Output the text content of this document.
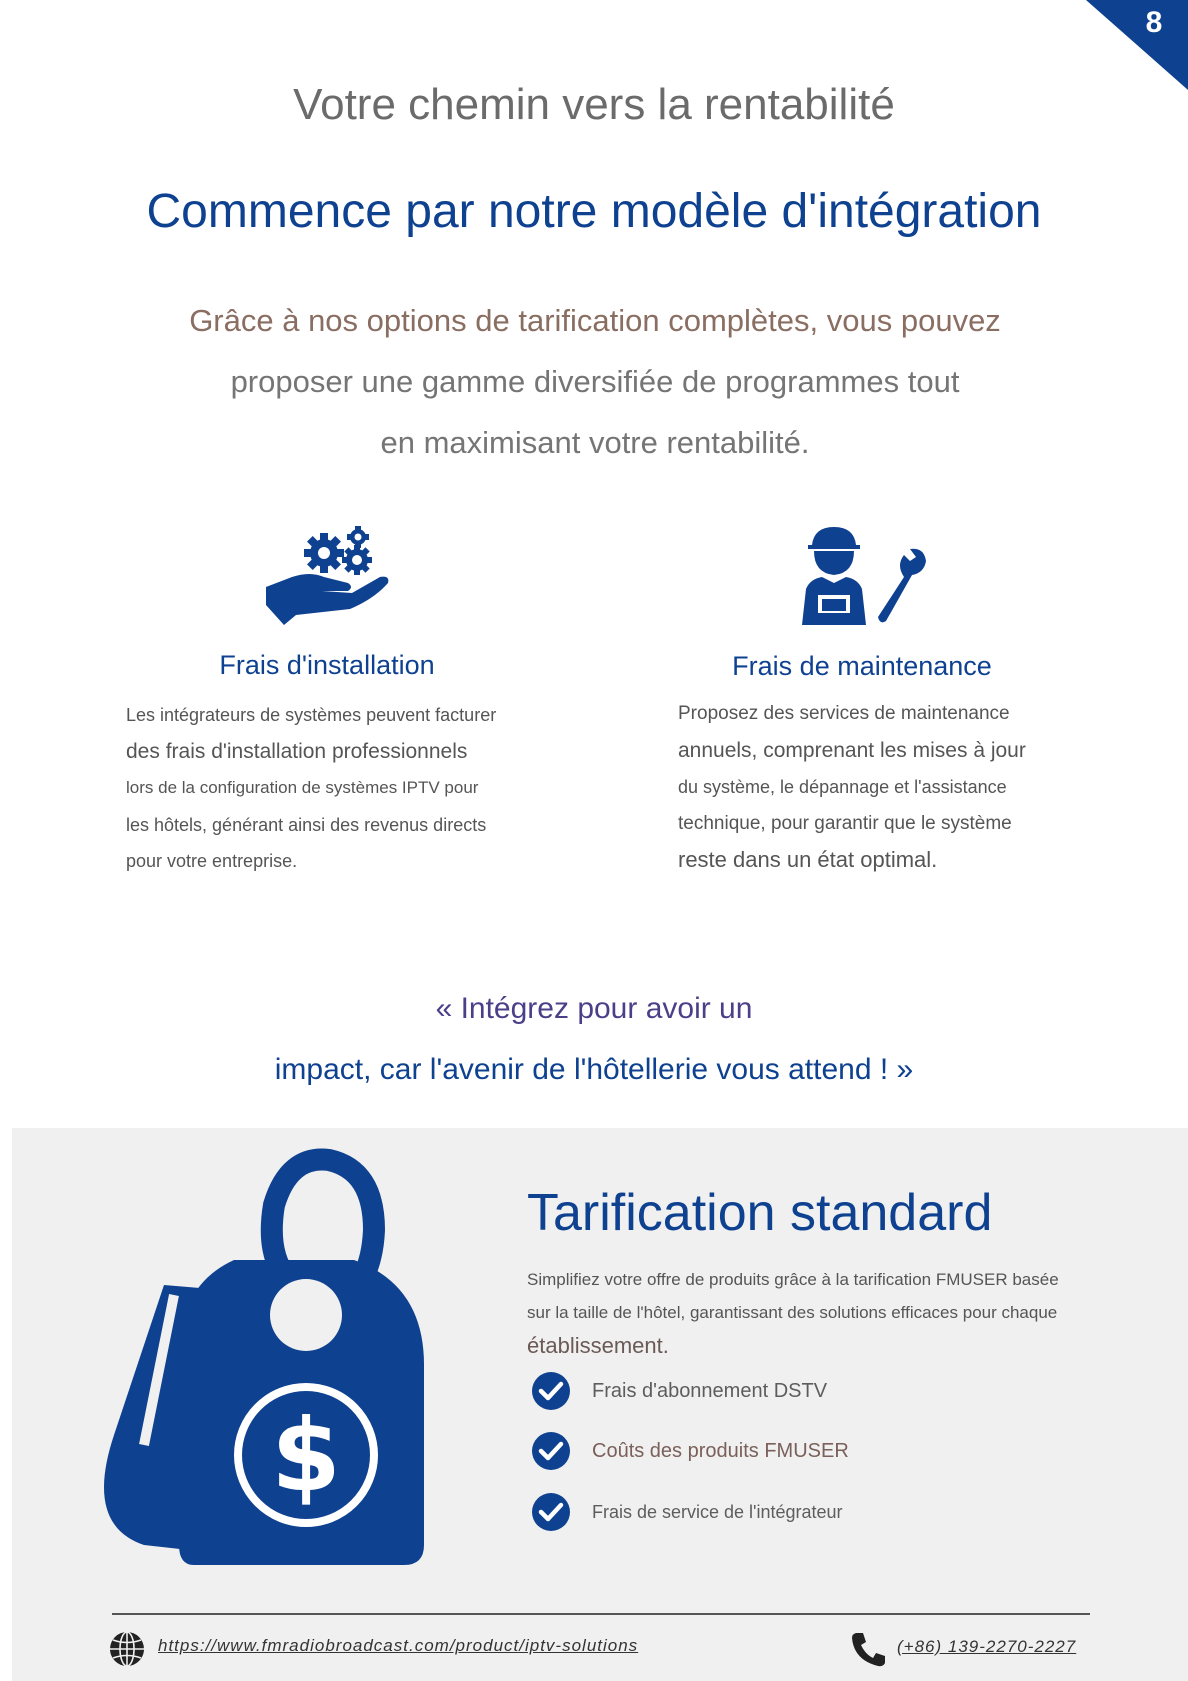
8
Votre chemin vers la rentabilité
Commence par notre modèle d'intégration
Grâce à nos options de tarification complètes, vous pouvez
proposer une gamme diversifiée de programmes tout
en maximisant votre rentabilité.
Frais d'installation
Les intégrateurs de systèmes peuvent facturer
des frais d'installation professionnels
lors de la configuration de systèmes IPTV pour
les hôtels, générant ainsi des revenus directs
pour votre entreprise.
Frais de maintenance
Proposez des services de maintenance
annuels, comprenant les mises à jour
du système, le dépannage et l'assistance
technique, pour garantir que le système
reste dans un état optimal.
« Intégrez pour avoir un
impact, car l'avenir de l'hôtellerie vous attend ! »
$
Tarification standard
Simplifiez votre offre de produits grâce à la tarification FMUSER basée
sur la taille de l'hôtel, garantissant des solutions efficaces pour chaque
établissement.
Frais d'abonnement DSTV
Coûts des produits FMUSER
Frais de service de l'intégrateur
https://www.fmradiobroadcast.com/product/iptv-solutions	(+86) 139-2270-2227
